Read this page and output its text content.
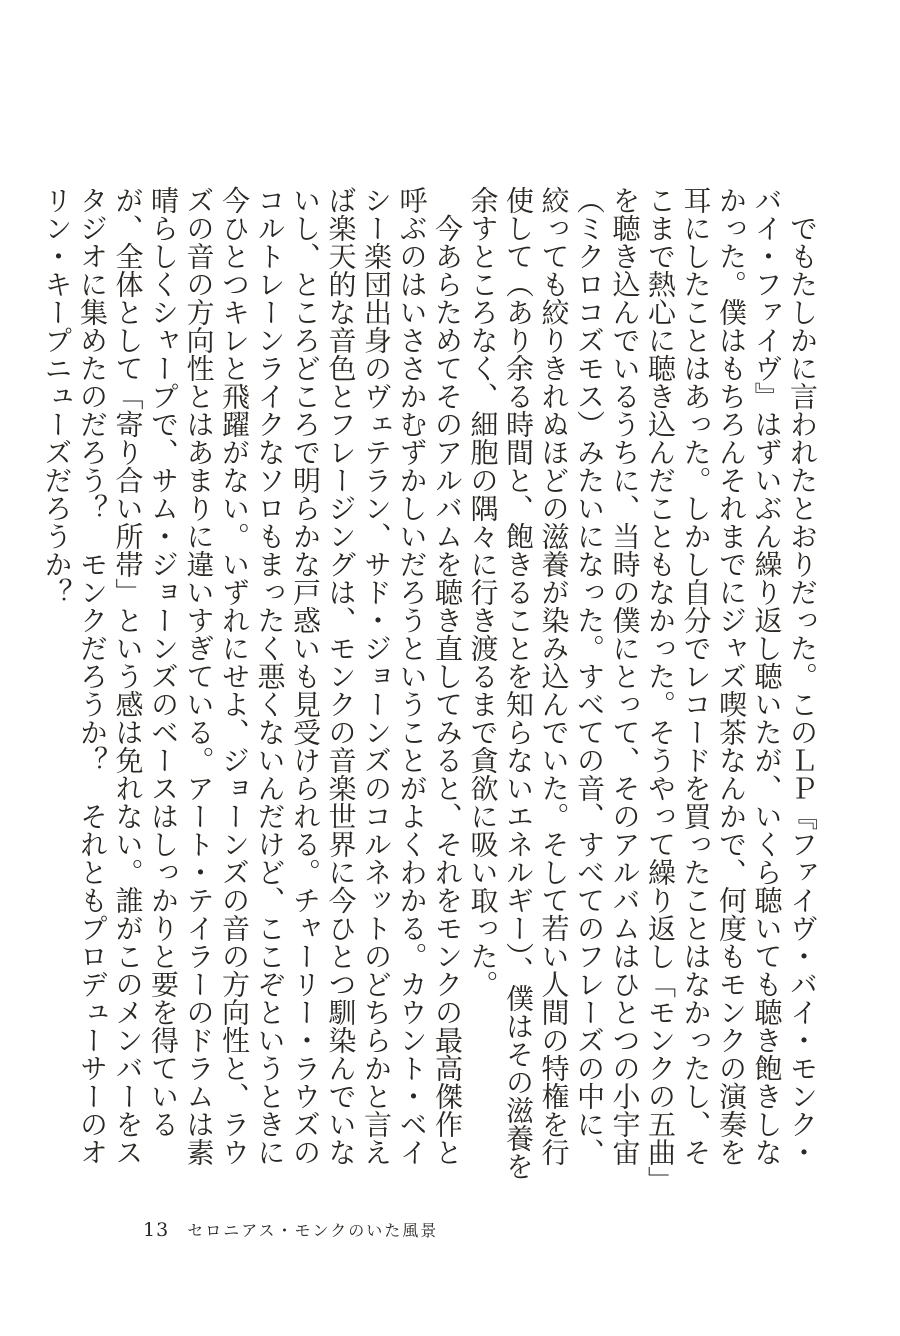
でもたしかに言われたとおりだった。このＬＰ『ファイヴ・バイ・モンク・バイ・ファイヴ』はずいぶん繰り返し聴いたが、いくら聴いても聴き飽きしなかった。僕はもちろんそれまでにジャズ喫茶なんかで、何度もモンクの演奏を耳にしたことはあった。しかし自分でレコードを買ったことはなかったし、そこまで熱心に聴き込んだこともなかった。そうやって繰り返し「モンクの五曲」を聴き込んでいるうちに、当時の僕にとって、そのアルバムはひとつの小宇宙（ミクロコズモス）みたいになった。すべての音、すべてのフレーズの中に、絞っても絞りきれぬほどの滋養が染み込んでいた。そして若い人間の特権を行使して（あり余る時間と、飽きることを知らないエネルギー）、僕はその滋養を余すところなく、細胞の隅々に行き渡るまで貪欲に吸い取った。

今あらためてそのアルバムを聴き直してみると、それをモンクの最高傑作と呼ぶのはいささかむずかしいだろうということがよくわかる。カウント・ベイシー楽団出身のヴェテラン、サド・ジョーンズのコルネットのどちらかと言えば楽天的な音色とフレージングは、モンクの音楽世界に今ひとつ馴染んでいないし、ところどころで明らかな戸惑いも見受けられる。チャーリー・ラウズのコルトレーンライクなソロもまったく悪くないんだけど、ここぞというときに今ひとつキレと飛躍がない。いずれにせよ、ジョーンズの音の方向性と、ラウズの音の方向性とはあまりに違いすぎている。アート・テイラーのドラムは素晴らしくシャープで、サム・ジョーンズのベースはしっかりと要を得ているが、全体として「寄り合い所帯」という感は免れない。誰がこのメンバーをスタジオに集めたのだろう？　モンクだろうか？　それともプロデューサーのオリン・キープニューズだろうか？

13 セロニアス・モンクのいた風景
